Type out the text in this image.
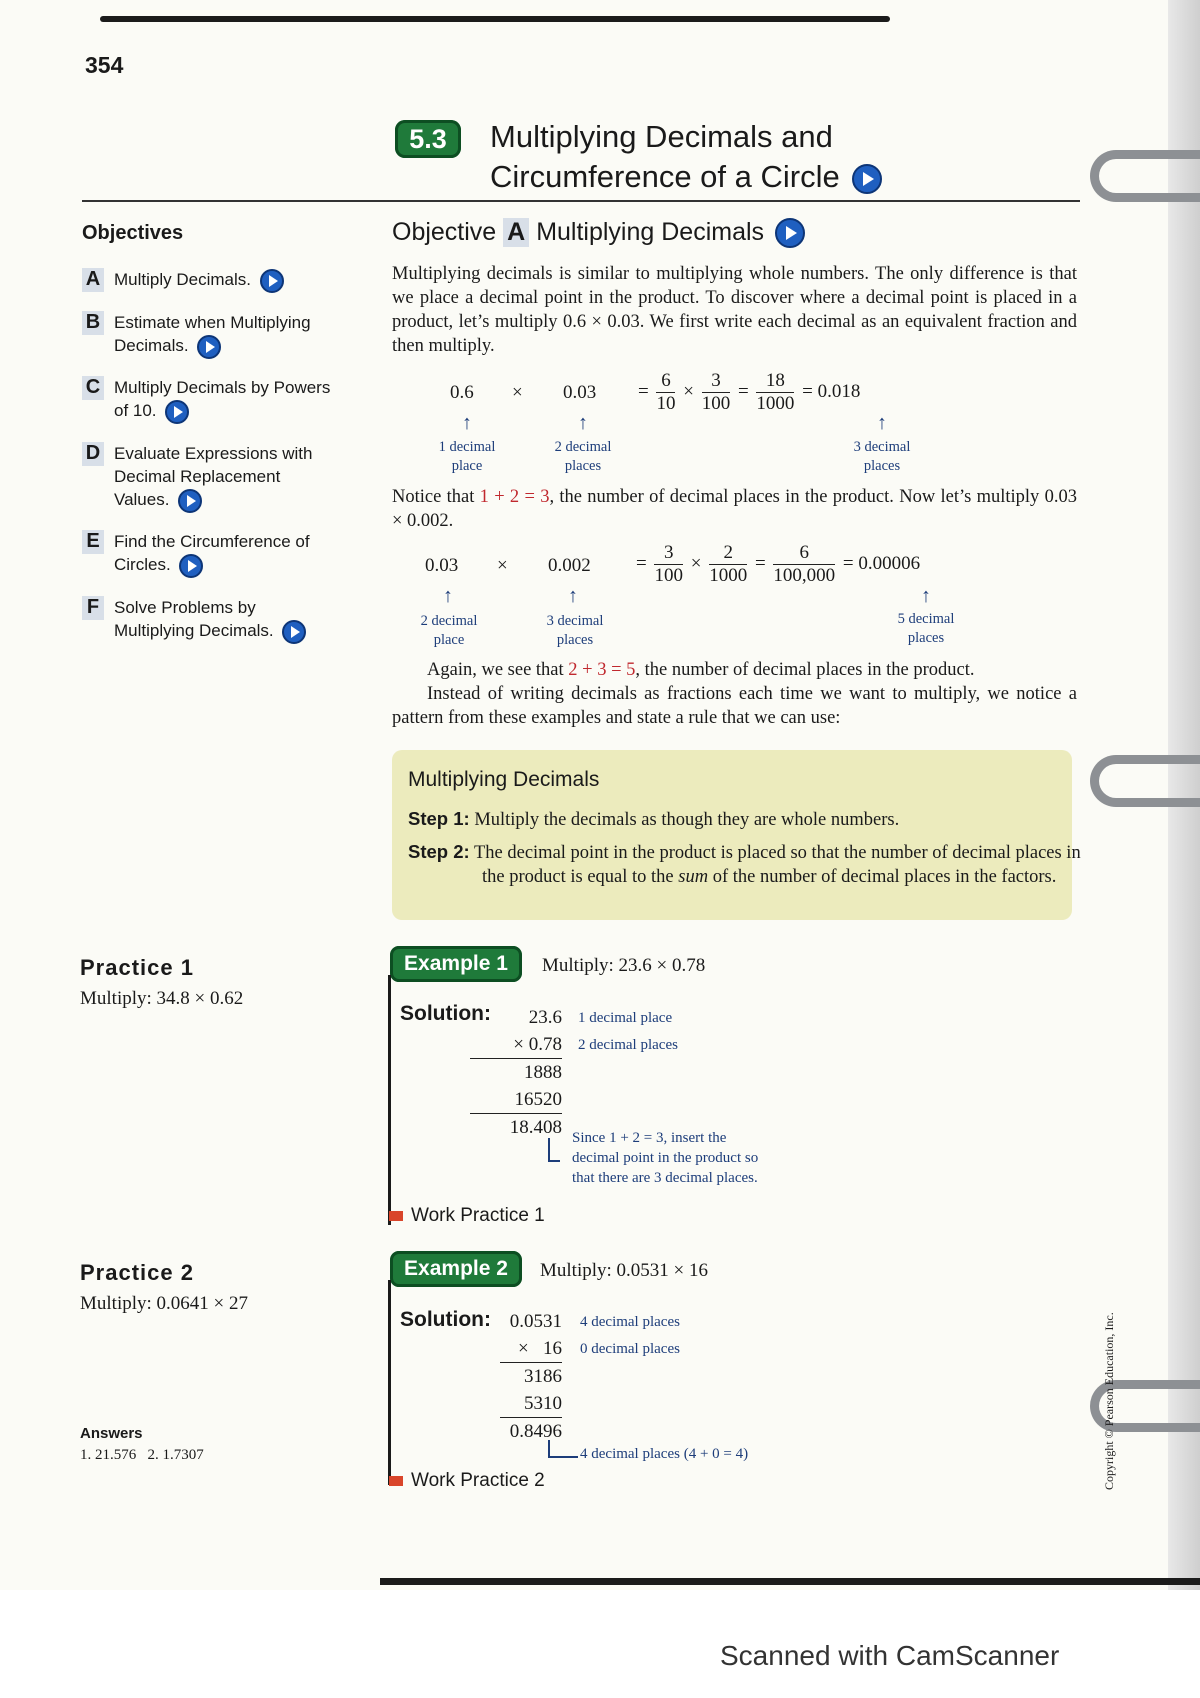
354
5.3	Multiplying Decimals and
Circumference of a Circle
Objectives
A Multiply Decimals.
B Estimate when Multiplying Decimals.
C Multiply Decimals by Powers of 10.
D Evaluate Expressions with Decimal Replacement Values.
E Find the Circumference of Circles.
F Solve Problems by Multiplying Decimals.
Objective A Multiplying Decimals
Multiplying decimals is similar to multiplying whole numbers. The only difference is that we place a decimal point in the product. To discover where a decimal point is placed in a product, let’s multiply 0.6 × 0.03. We first write each decimal as an equivalent fraction and then multiply.
$0.6 \times 0.03 = \frac{6}{10} \times \frac{3}{100} = \frac{18}{1000} = 0.018$
↑	↑	↑
1 decimal
place
2 decimal
places
3 decimal
places
Notice that 1 + 2 = 3, the number of decimal places in the product. Now let’s multiply 0.03 × 0.002.
$0.03 \times 0.002 = \frac{3}{100} \times \frac{2}{1000} = \frac{6}{100,000} = 0.00006$
↑	↑	↑
2 decimal
place
3 decimal
places
5 decimal
places
Again, we see that 2 + 3 = 5, the number of decimal places in the product.
Instead of writing decimals as fractions each time we want to multiply, we notice a pattern from these examples and state a rule that we can use:
Multiplying Decimals
Step 1: Multiply the decimals as though they are whole numbers.
Step 2: The decimal point in the product is placed so that the number of decimal places in the product is equal to the sum of the number of decimal places in the factors.
Practice 1
Multiply: 34.8 × 0.62
Example 1	Multiply: 23.6 × 0.78
Solution:	23.6
× 0.78
1888
16520
18.408
1 decimal place
2 decimal places
Since 1 + 2 = 3, insert the
decimal point in the product so
that there are 3 decimal places.
Work Practice 1
Practice 2
Multiply: 0.0641 × 27
Example 2	Multiply: 0.0531 × 16
Solution: 0.0531
×   16
3186
5310
0.8496
4 decimal places
0 decimal places
4 decimal places (4 + 0 = 4)
Work Practice 2
Answers
1. 21.576   2. 1.7307	Copyright © Pearson Education, Inc.
Scanned with CamScanner
